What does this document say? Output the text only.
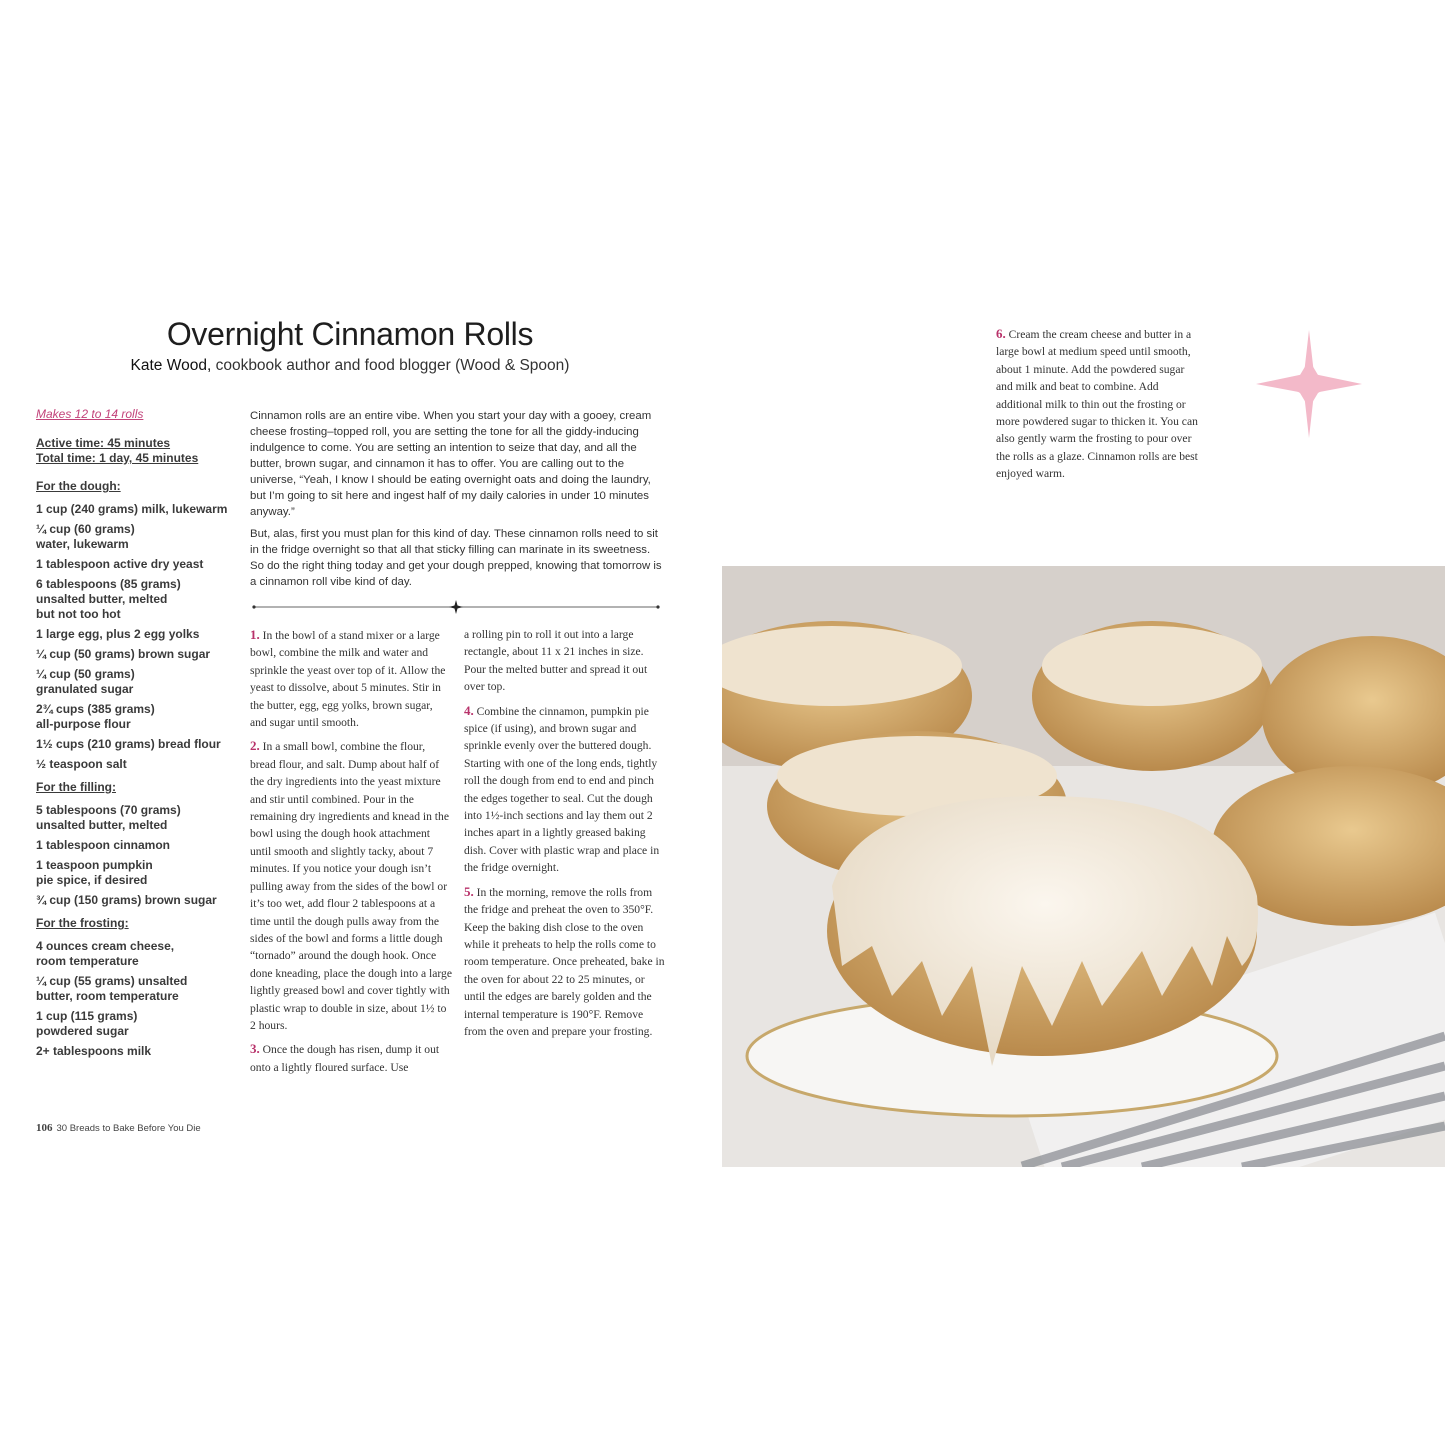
Overnight Cinnamon Rolls
Kate Wood, cookbook author and food blogger (Wood & Spoon)
Makes 12 to 14 rolls
Active time: 45 minutes
Total time: 1 day, 45 minutes
For the dough:
1 cup (240 grams) milk, lukewarm
¼ cup (60 grams)
water, lukewarm
1 tablespoon active dry yeast
6 tablespoons (85 grams)
unsalted butter, melted
but not too hot
1 large egg, plus 2 egg yolks
¼ cup (50 grams) brown sugar
¼ cup (50 grams)
granulated sugar
2¾ cups (385 grams)
all-purpose flour
1½ cups (210 grams) bread flour
½ teaspoon salt
For the filling:
5 tablespoons (70 grams)
unsalted butter, melted
1 tablespoon cinnamon
1 teaspoon pumpkin
pie spice, if desired
¾ cup (150 grams) brown sugar
For the frosting:
4 ounces cream cheese,
room temperature
¼ cup (55 grams) unsalted
butter, room temperature
1 cup (115 grams)
powdered sugar
2+ tablespoons milk

Cinnamon rolls are an entire vibe. When you start your day with a gooey, cream cheese frosting–topped roll, you are setting the tone for all the giddy-inducing indulgence to come. You are setting an intention to seize that day, and all the butter, brown sugar, and cinnamon it has to offer. You are calling out to the universe, “Yeah, I know I should be eating overnight oats and doing the laundry, but I’m going to sit here and ingest half of my daily calories in under 10 minutes anyway.”

But, alas, first you must plan for this kind of day. These cinnamon rolls need to sit in the fridge overnight so that all that sticky filling can marinate in its sweetness. So do the right thing today and get your dough prepped, knowing that tomorrow is a cinnamon roll vibe kind of day.

1. In the bowl of a stand mixer or a large bowl, combine the milk and water and sprinkle the yeast over top of it. Allow the yeast to dissolve, about 5 minutes. Stir in the butter, egg, egg yolks, brown sugar, and sugar until smooth.

2. In a small bowl, combine the flour, bread flour, and salt. Dump about half of the dry ingredients into the yeast mixture and stir until combined. Pour in the remaining dry ingredients and knead in the bowl using the dough hook attachment until smooth and slightly tacky, about 7 minutes. If you notice your dough isn’t pulling away from the sides of the bowl or it’s too wet, add flour 2 tablespoons at a time until the dough pulls away from the sides of the bowl and forms a little dough “tornado” around the dough hook. Once done kneading, place the dough into a large lightly greased bowl and cover tightly with plastic wrap to double in size, about 1½ to 2 hours.

3. Once the dough has risen, dump it out onto a lightly floured surface. Use

a rolling pin to roll it out into a large rectangle, about 11 x 21 inches in size. Pour the melted butter and spread it out over top.

4. Combine the cinnamon, pumpkin pie spice (if using), and brown sugar and sprinkle evenly over the buttered dough. Starting with one of the long ends, tightly roll the dough from end to end and pinch the edges together to seal. Cut the dough into 1½-inch sections and lay them out 2 inches apart in a lightly greased baking dish. Cover with plastic wrap and place in the fridge overnight.

5. In the morning, remove the rolls from the fridge and preheat the oven to 350°F. Keep the baking dish close to the oven while it preheats to help the rolls come to room temperature. Once preheated, bake in the oven for about 22 to 25 minutes, or until the edges are barely golden and the internal temperature is 190°F. Remove from the oven and prepare your frosting.

6. Cream the cream cheese and butter in a large bowl at medium speed until smooth, about 1 minute. Add the powdered sugar and milk and beat to combine. Add additional milk to thin out the frosting or more powdered sugar to thicken it. You can also gently warm the frosting to pour over the rolls as a glaze. Cinnamon rolls are best enjoyed warm.

106 30 Breads to Bake Before You Die
